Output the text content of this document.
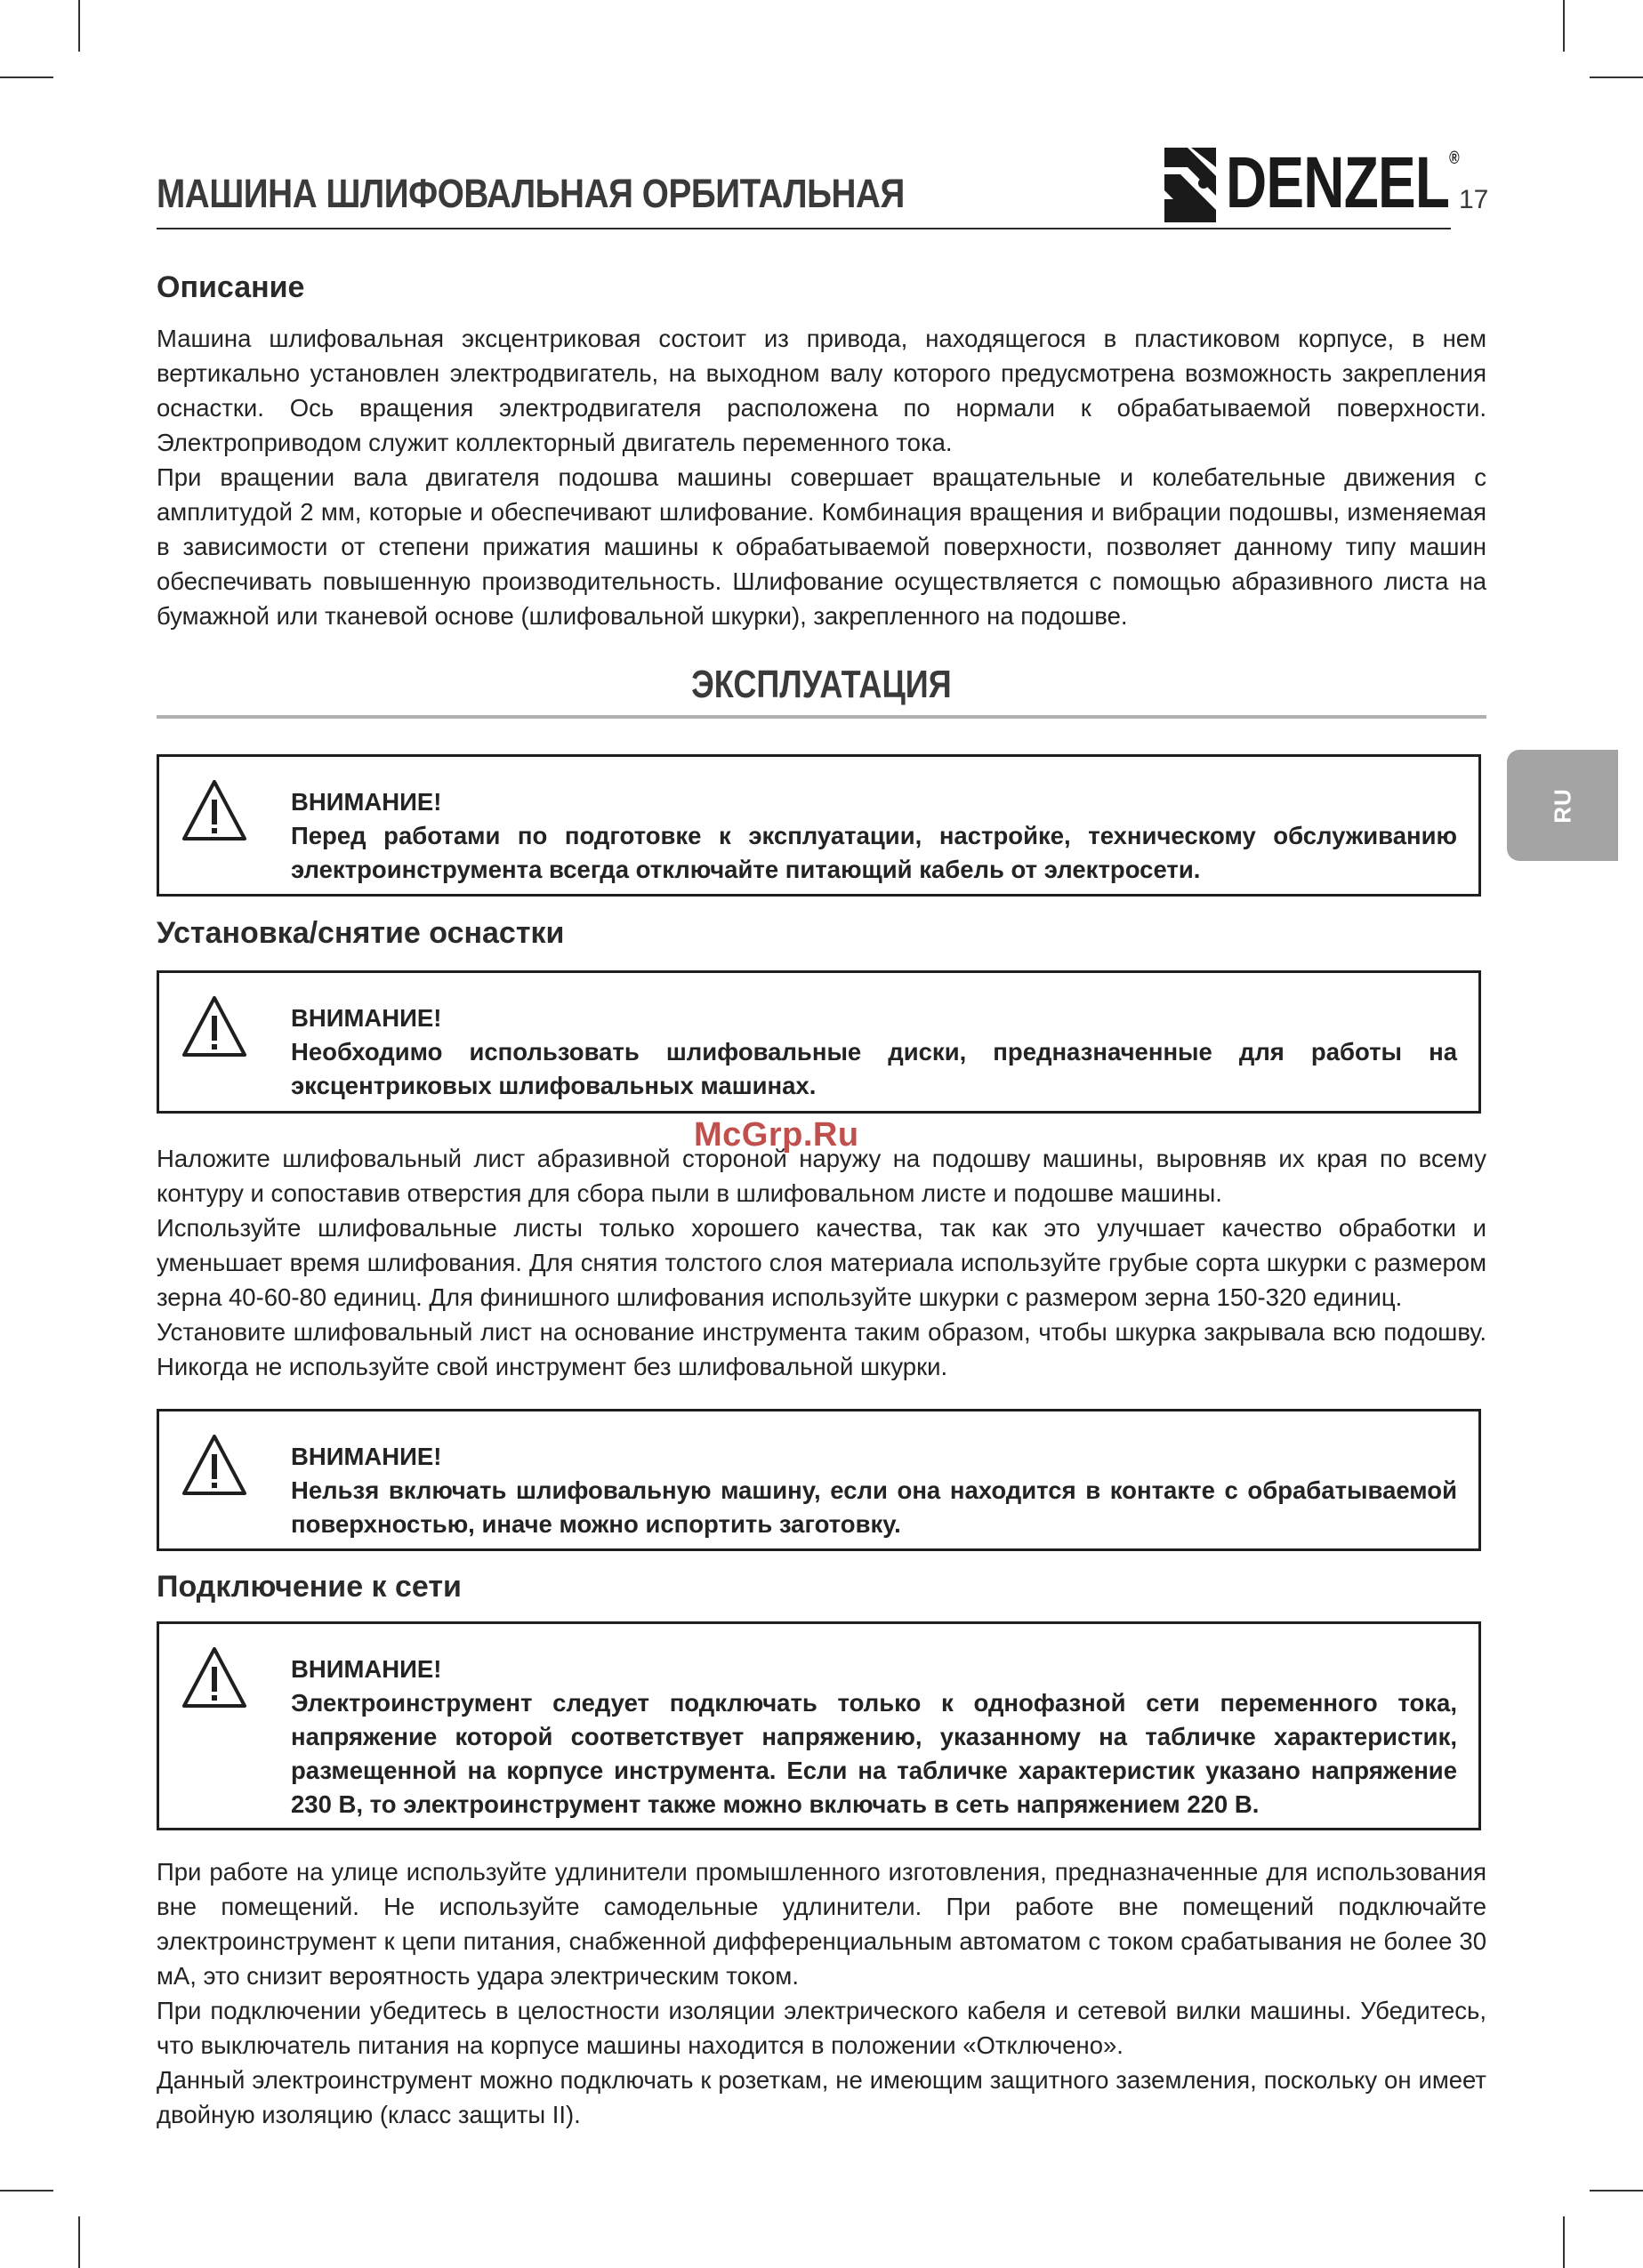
МАШИНА ШЛИФОВАЛЬНАЯ ОРБИТАЛЬНАЯ	DENZEL®
17
RU
Описание

Машина шлифовальная эксцентриковая состоит из привода, находящегося в пластиковом корпусе, в нем вертикально установлен электродвигатель, на выходном валу которого предусмотрена возможность закрепления оснастки. Ось вращения электродвигателя расположена по нормали к обрабатываемой поверхности. Электроприводом служит коллекторный двигатель переменного тока.

При вращении вала двигателя подошва машины совершает вращательные и колебательные движения с амплитудой 2 мм, которые и обеспечивают шлифование. Комбинация вращения и вибрации подошвы, изменяемая в зависимости от степени прижатия машины к обрабатываемой поверхности, позволяет данному типу машин обеспечивать повышенную производительность. Шлифование осуществляется с помощью абразивного листа на бумажной или тканевой основе (шлифовальной шкурки), закрепленного на подошве.

ЭКСПЛУАТАЦИЯ
ВНИМАНИЕ!
Перед работами по подготовке к эксплуатации, настройке, техническому обслуживанию электроинструмента всегда отключайте питающий кабель от электросети.
Установка/снятие оснастки
ВНИМАНИЕ!
Необходимо использовать шлифовальные диски, предназначенные для работы на эксцентриковых шлифовальных машинах.
McGrp.Ru

Наложите шлифовальный лист абразивной стороной наружу на подошву машины, выровняв их края по всему контуру и сопоставив отверстия для сбора пыли в шлифовальном листе и подошве машины.

Используйте шлифовальные листы только хорошего качества, так как это улучшает качество обработки и уменьшает время шлифования. Для снятия толстого слоя материала используйте грубые сорта шкурки с размером зерна 40-60-80 единиц. Для финишного шлифования используйте шкурки с размером зерна 150-320 единиц.

Установите шлифовальный лист на основание инструмента таким образом, чтобы шкурка закрывала всю подошву. Никогда не используйте свой инструмент без шлифовальной шкурки.

ВНИМАНИЕ!
Нельзя включать шлифовальную машину, если она находится в контакте с обрабатываемой поверхностью, иначе можно испортить заготовку.
Подключение к сети
ВНИМАНИЕ!
Электроинструмент следует подключать только к однофазной сети переменного тока, напряжение которой соответствует напряжению, указанному на табличке характеристик, размещенной на корпусе инструмента. Если на табличке характеристик указано напряжение 230 В, то электроинструмент также можно включать в сеть напряжением 220 В.

При работе на улице используйте удлинители промышленного изготовления, предназначенные для использования вне помещений. Не используйте самодельные удлинители. При работе вне помещений подключайте электроинструмент к цепи питания, снабженной дифференциальным автоматом с током срабатывания не более 30 мА, это снизит вероятность удара электрическим током.

При подключении убедитесь в целостности изоляции электрического кабеля и сетевой вилки машины. Убедитесь, что выключатель питания на корпусе машины находится в положении «Отключено».

Данный электроинструмент можно подключать к розеткам, не имеющим защитного заземления, поскольку он имеет двойную изоляцию (класс защиты II).
